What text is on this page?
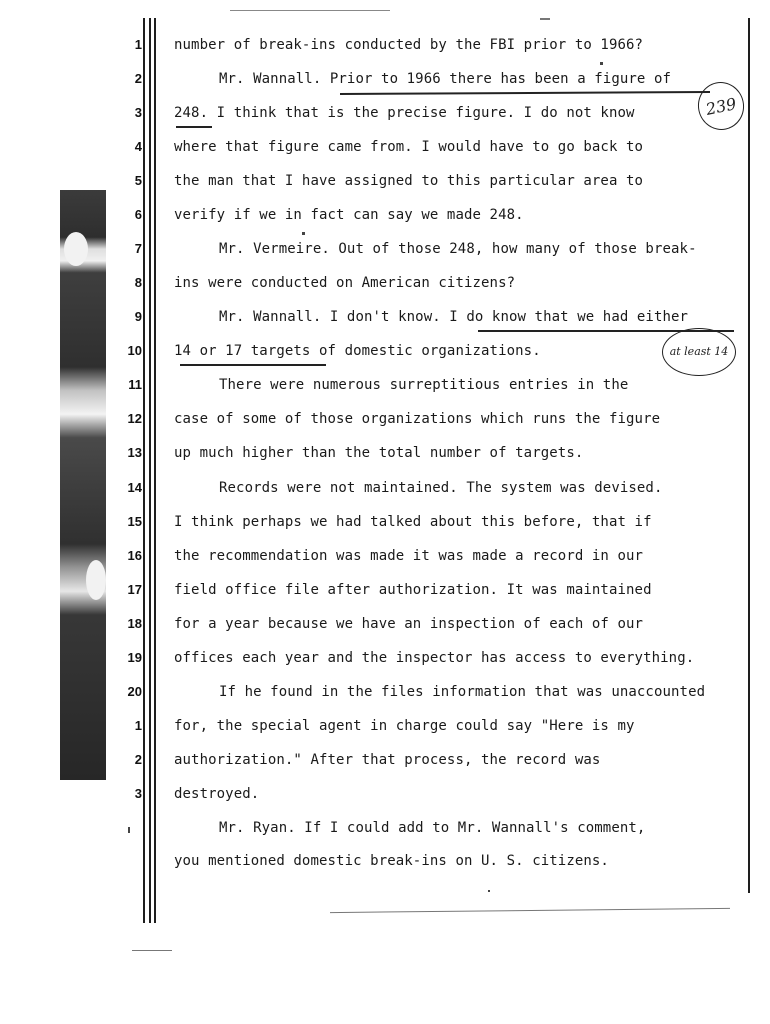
1
2
3
4
5
6
7
8
9
10
11
12
13
14
15
16
17
18
19
20
1
2
3
number of break-ins conducted by the FBI prior to 1966?
Mr. Wannall. Prior to 1966 there has been a figure of
248. I think that is the precise figure. I do not know
where that figure came from. I would have to go back to
the man that I have assigned to this particular area to
verify if we in fact can say we made 248.
Mr. Vermeire. Out of those 248, how many of those break-
ins were conducted on American citizens?
Mr. Wannall. I don't know. I do know that we had either
14 or 17 targets of domestic organizations.
There were numerous surreptitious entries in the
case of some of those organizations which runs the figure
up much higher than the total number of targets.
Records were not maintained. The system was devised.
I think perhaps we had talked about this before, that if
the recommendation was made it was made a record in our
field office file after authorization. It was maintained
for a year because we have an inspection of each of our
offices each year and the inspector has access to everything.
If he found in the files information that was unaccounted
for, the special agent in charge could say "Here is my
authorization." After that process, the record was
destroyed.
Mr. Ryan. If I could add to Mr. Wannall's comment,
you mentioned domestic break-ins on U. S. citizens.
239
at least 14
